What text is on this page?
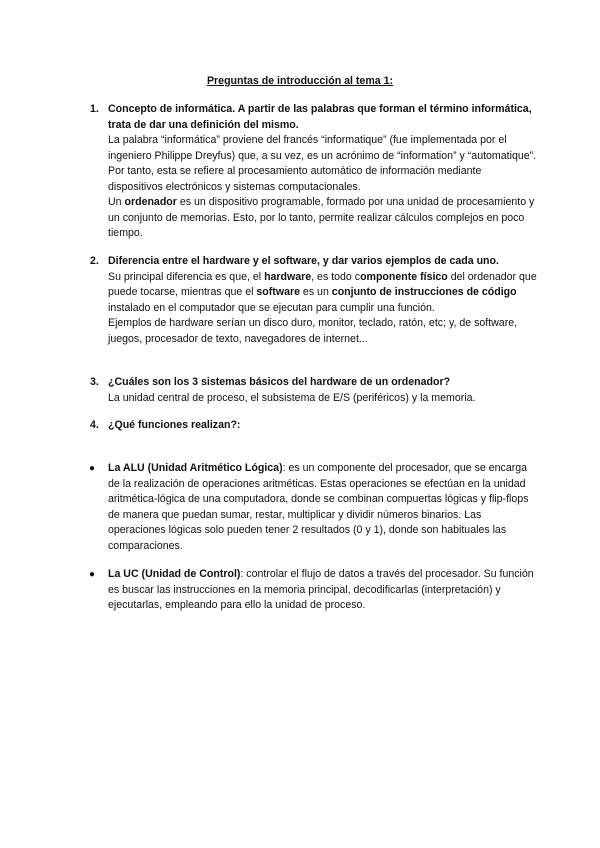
Preguntas de introducción al tema 1:
1. Concepto de informática. A partir de las palabras que forman el término informática, trata de dar una definición del mismo.

La palabra “informática” proviene del francés “informatique” (fue implementada por el ingeniero Philippe Dreyfus) que, a su vez, es un acrónimo de “information” y “automatique”. Por tanto, esta se refiere al procesamiento automático de información mediante dispositivos electrónicos y sistemas computacionales.

Un ordenador es un dispositivo programable, formado por una unidad de procesamiento y un conjunto de memorias. Esto, por lo tanto, permite realizar cálculos complejos en poco tiempo.

2. Diferencia entre el hardware y el software, y dar varios ejemplos de cada uno.

Su principal diferencia es que, el hardware, es todo componente físico del ordenador que puede tocarse, mientras que el software es un conjunto de instrucciones de código instalado en el computador que se ejecutan para cumplir una función.

Ejemplos de hardware serían un disco duro, monitor, teclado, ratón, etc; y, de software, juegos, procesador de texto, navegadores de internet...

3. ¿Cuáles son los 3 sistemas básicos del hardware de un ordenador?

La unidad central de proceso, el subsistema de E/S (periféricos) y la memoria.

4. ¿Qué funciones realizan?:

● La ALU (Unidad Aritmético Lógica): es un componente del procesador, que se encarga de la realización de operaciones aritméticas. Estas operaciones se efectúan en la unidad aritmética-lógica de una computadora, donde se combinan compuertas lógicas y flip-flops de manera que puedan sumar, restar, multiplicar y dividir números binarios. Las operaciones lógicas solo pueden tener 2 resultados (0 y 1), donde son habituales las comparaciones.

● La UC (Unidad de Control): controlar el flujo de datos a través del procesador. Su función es buscar las instrucciones en la memoria principal, decodificarlas (interpretación) y ejecutarlas, empleando para ello la unidad de proceso.
